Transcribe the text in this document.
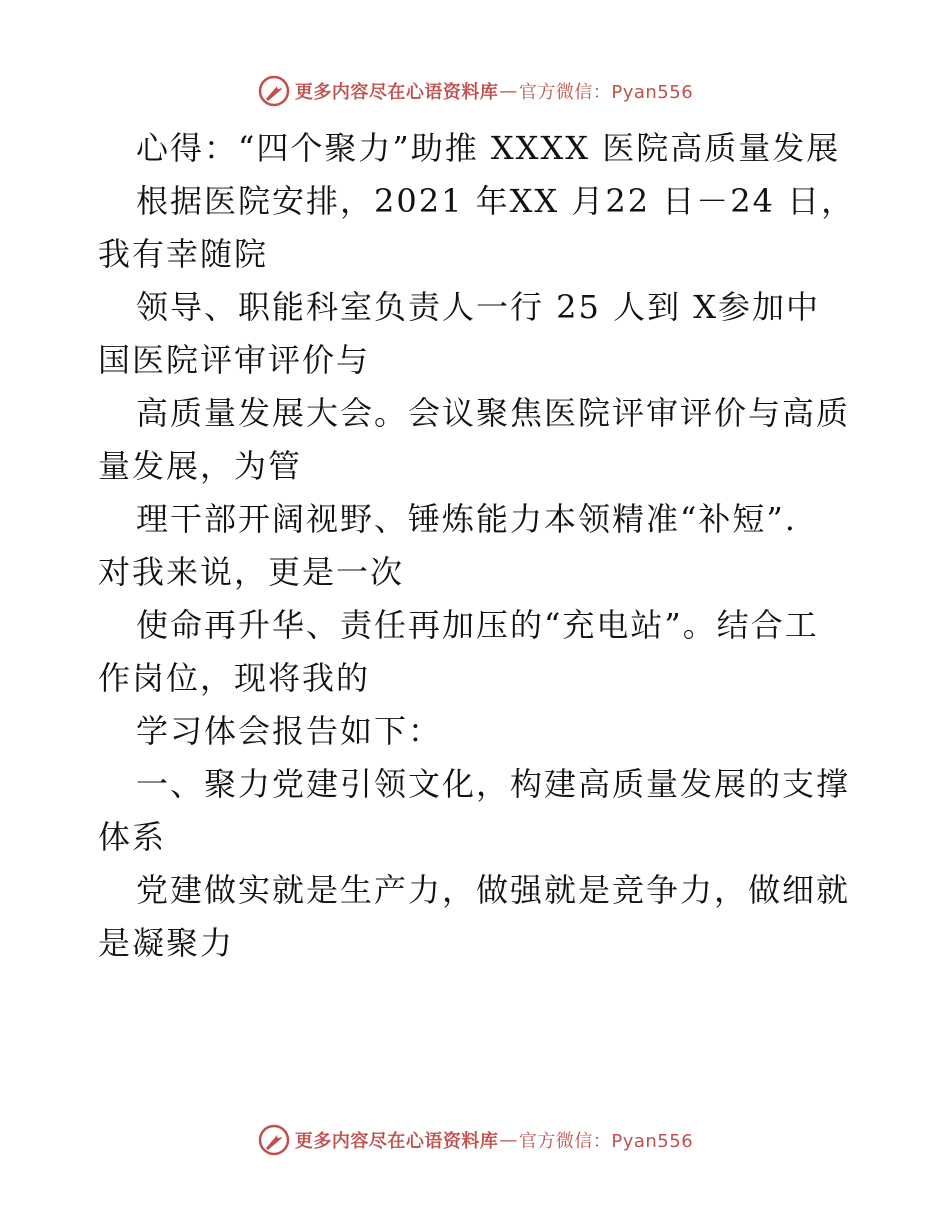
更多内容尽在心语资料库 — 官方微信：Pyan556
心得：“四个聚力”助推 XXXX 医院高质量发展
根据医院安排，2021 年XX 月22 日－24 日，
我有幸随院
领导、职能科室负责人一行 25 人到 X参加中
国医院评审评价与
高质量发展大会。会议聚焦医院评审评价与高质
量发展，为管
理干部开阔视野、锤炼能力本领精准“补短”.
对我来说，更是一次
使命再升华、责任再加压的“充电站”。结合工
作岗位，现将我的
学习体会报告如下：
一、聚力党建引领文化，构建高质量发展的支撑
体系
党建做实就是生产力，做强就是竞争力，做细就
是凝聚力
更多内容尽在心语资料库 — 官方微信：Pyan556
